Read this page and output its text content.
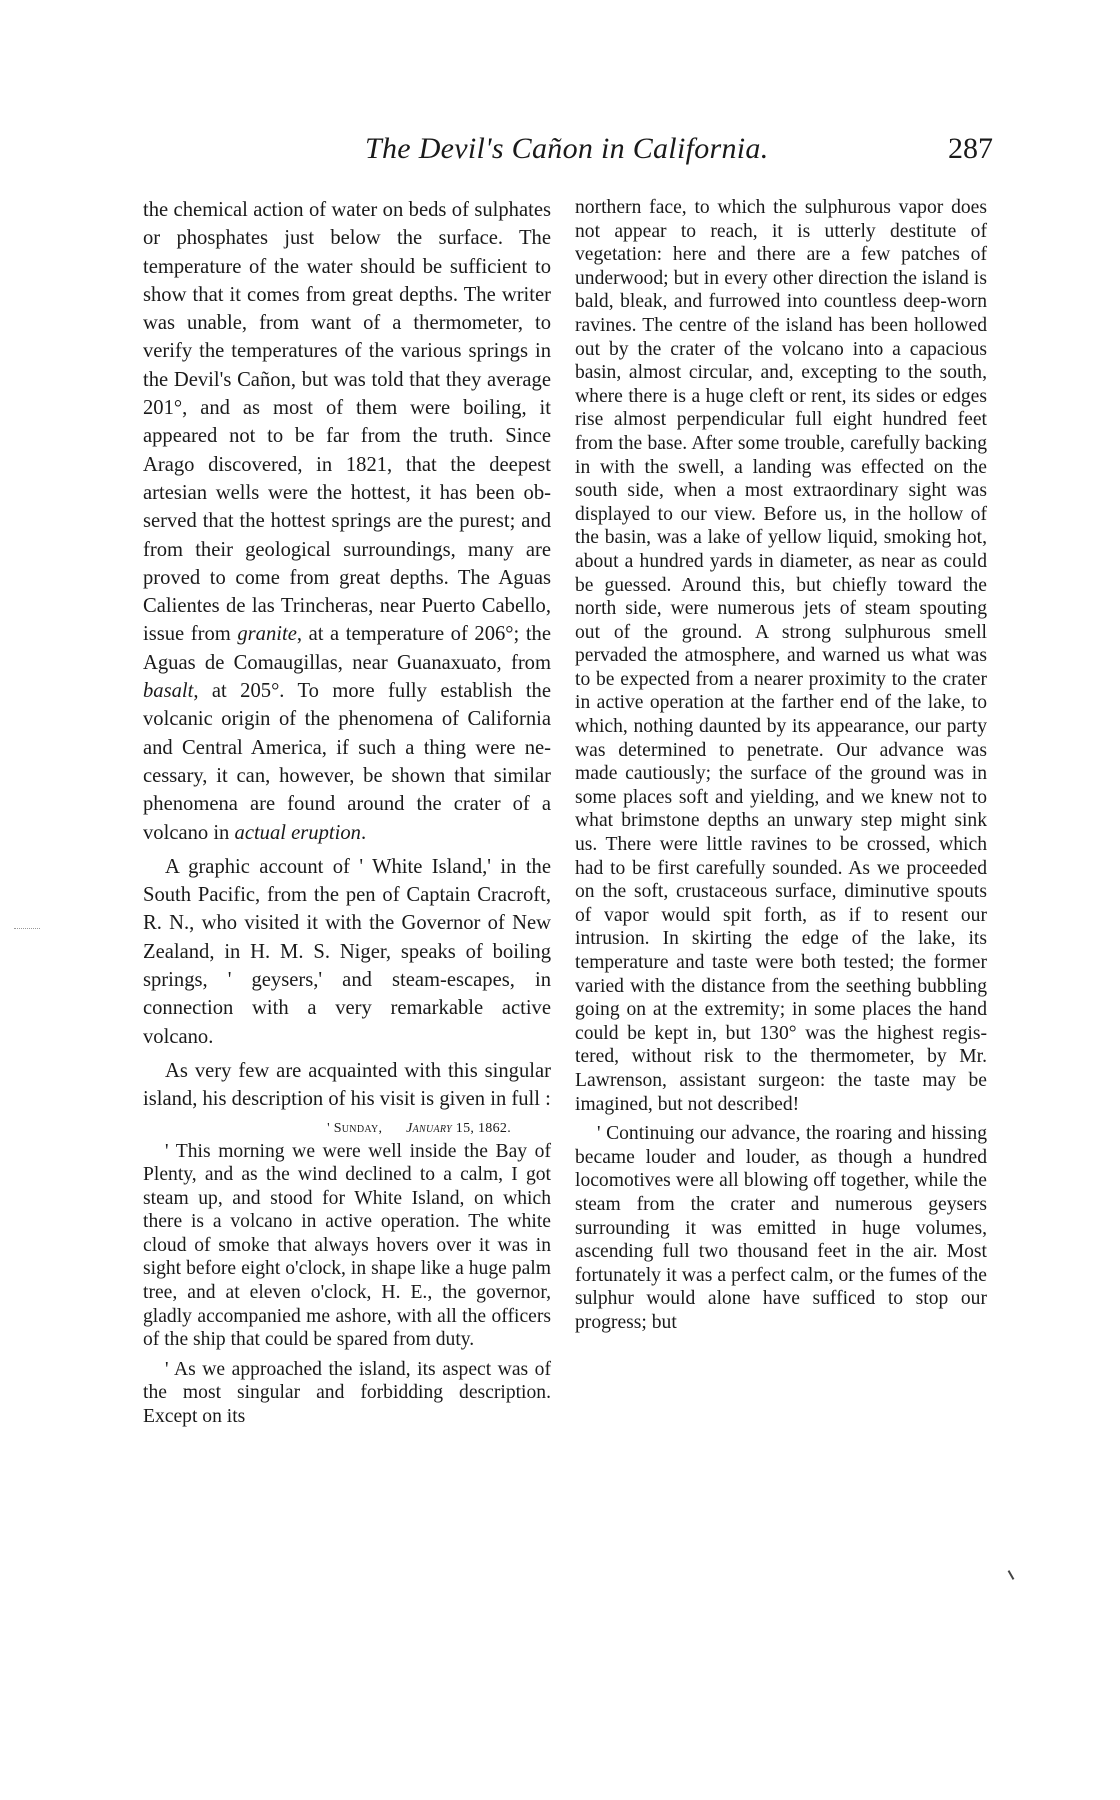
The Devil's Cañon in California.	287

the chemical action of water on beds of sulphates or phosphates just below the surface. The temperature of the water should be sufficient to show that it comes from great depths. The writer was unable, from want of a thermometer, to verify the temperatures of the various springs in the Devil's Cañon, but was told that they average 201°, and as most of them were boiling, it appeared not to be far from the truth. Since Arago discovered, in 1821, that the deepest artesian wells were the hottest, it has been observed that the hottest springs are the purest; and from their geological surroundings, many are proved to come from great depths. The Aguas Calientes de las Trincheras, near Puerto Cabello, issue from granite, at a temperature of 206°; the Aguas de Comaugillas, near Guanaxuato, from basalt, at 205°. To more fully establish the volcanic origin of the phenomena of California and Central America, if such a thing were necessary, it can, however, be shown that similar phenomena are found around the crater of a volcano in actual eruption.

A graphic account of ' White Island,' in the South Pacific, from the pen of Captain Cracroft, R. N., who visited it with the Governor of New Zealand, in H. M. S. Niger, speaks of boiling springs, ' geysers,' and steam-escapes, in connection with a very remarkable active volcano.

As very few are acquainted with this singular island, his description of his visit is given in full :

' Sunday, January 15, 1862.

' This morning we were well inside the Bay of Plenty, and as the wind declined to a calm, I got steam up, and stood for White Island, on which there is a volcano in active operation. The white cloud of smoke that always hovers over it was in sight before eight o'clock, in shape like a huge palm tree, and at eleven o'clock, H. E., the governor, gladly accompanied me ashore, with all the officers of the ship that could be spared from duty.

' As we approached the island, its aspect was of the most singular and forbidding description. Except on its

northern face, to which the sulphurous vapor does not appear to reach, it is utterly destitute of vegetation: here and there are a few patches of underwood; but in every other direction the island is bald, bleak, and furrowed into countless deep-worn ravines. The centre of the island has been hollowed out by the crater of the volcano into a capacious basin, almost circular, and, excepting to the south, where there is a huge cleft or rent, its sides or edges rise almost perpendicular full eight hundred feet from the base. After some trouble, carefully backing in with the swell, a landing was effected on the south side, when a most extraordinary sight was displayed to our view. Before us, in the hollow of the basin, was a lake of yellow liquid, smoking hot, about a hundred yards in diameter, as near as could be guessed. Around this, but chiefly toward the north side, were numerous jets of steam spouting out of the ground. A strong sulphurous smell pervaded the atmosphere, and warned us what was to be expected from a nearer proximity to the crater in active operation at the farther end of the lake, to which, nothing daunted by its appearance, our party was determined to penetrate. Our advance was made cautiously; the surface of the ground was in some places soft and yielding, and we knew not to what brimstone depths an unwary step might sink us. There were little ravines to be crossed, which had to be first carefully sounded. As we proceeded on the soft, crustaceous surface, diminutive spouts of vapor would spit forth, as if to resent our intrusion. In skirting the edge of the lake, its temperature and taste were both tested; the former varied with the distance from the seething bubbling going on at the extremity; in some places the hand could be kept in, but 130° was the highest registered, without risk to the thermometer, by Mr. Lawrenson, assistant surgeon: the taste may be imagined, but not described!

' Continuing our advance, the roaring and hissing became louder and louder, as though a hundred locomotives were all blowing off together, while the steam from the crater and numerous geysers surrounding it was emitted in huge volumes, ascending full two thousand feet in the air. Most fortunately it was a perfect calm, or the fumes of the sulphur would alone have sufficed to stop our progress; but
